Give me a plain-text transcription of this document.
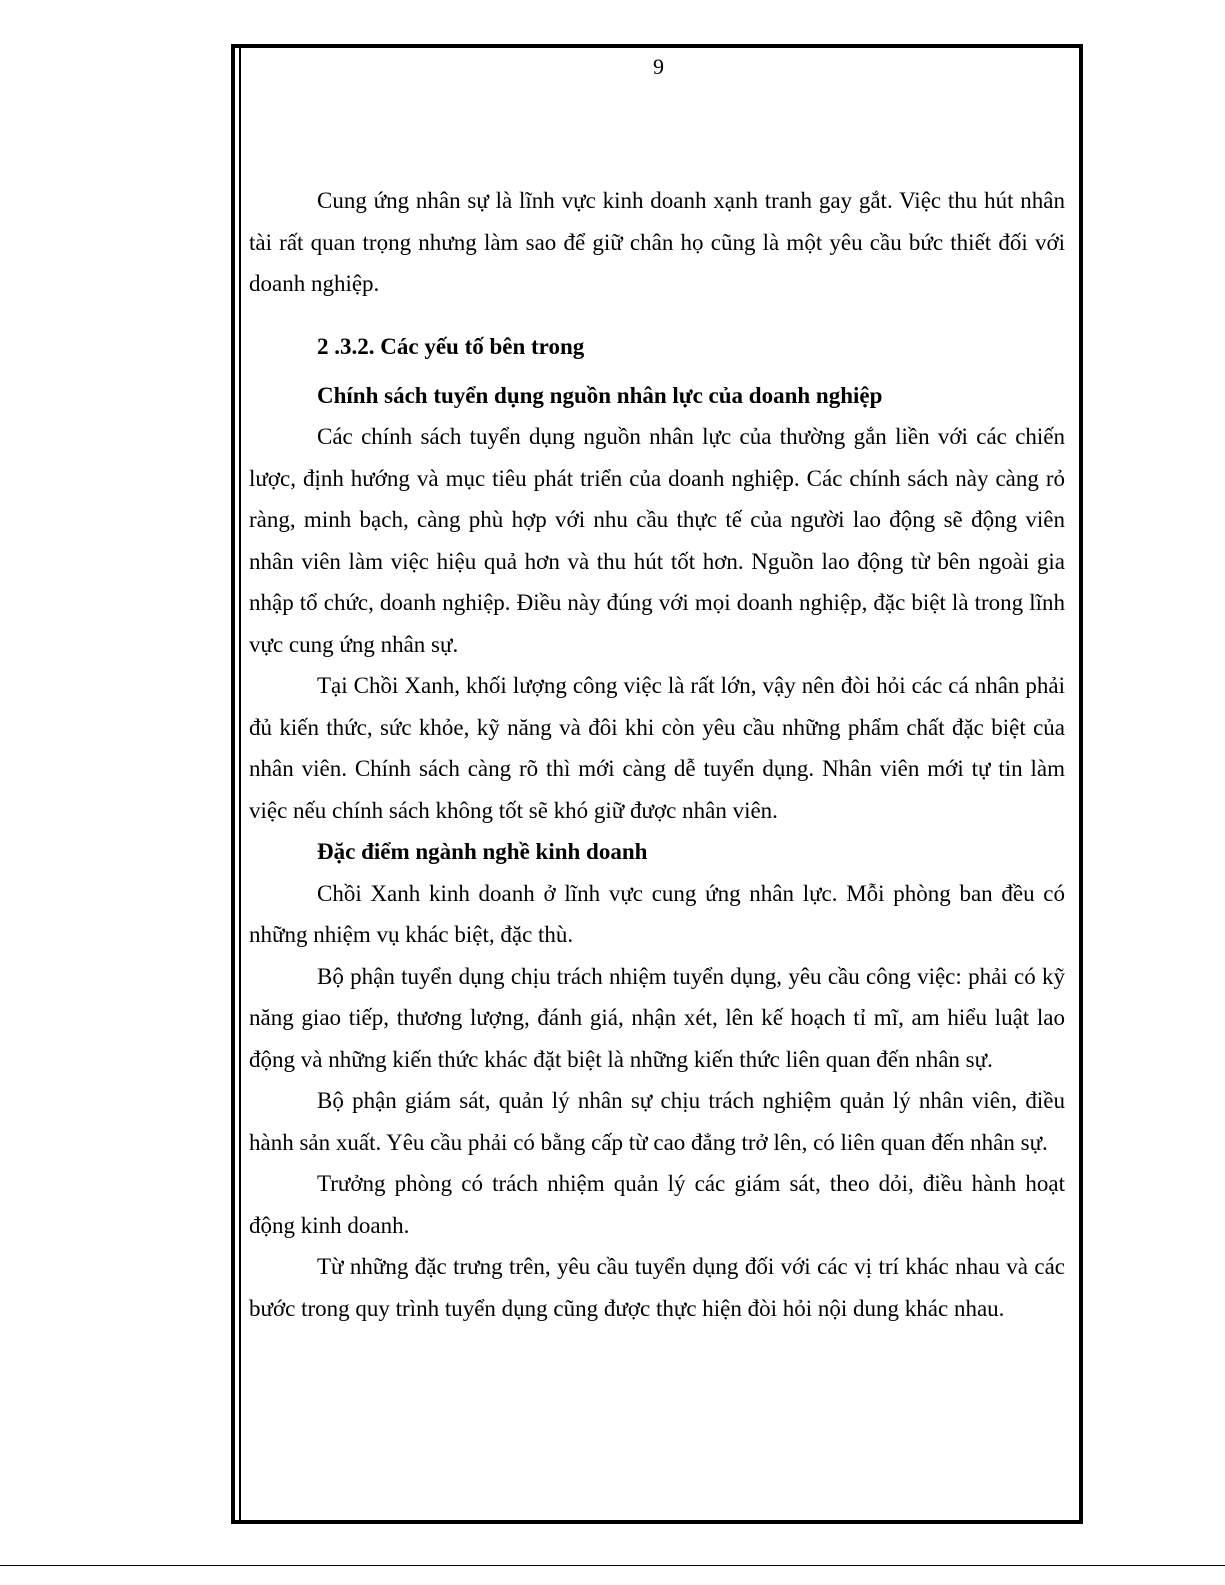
9

Cung ứng nhân sự là lĩnh vực kinh doanh xạnh tranh gay gắt. Việc thu hút nhân tài rất quan trọng nhưng làm sao để giữ chân họ cũng là một yêu cầu bức thiết đối với doanh nghiệp.

2 .3.2. Các yếu tố bên trong

Chính sách tuyển dụng nguồn nhân lực của doanh nghiệp

Các chính sách tuyển dụng nguồn nhân lực của thường gắn liền với các chiến lược, định hướng và mục tiêu phát triển của doanh nghiệp. Các chính sách này càng rỏ ràng, minh bạch, càng phù hợp với nhu cầu thực tế của người lao động sẽ động viên nhân viên làm việc hiệu quả hơn và thu hút tốt hơn. Nguồn lao động từ bên ngoài gia nhập tổ chức, doanh nghiệp. Điều này đúng với mọi doanh nghiệp, đặc biệt là trong lĩnh vực cung ứng nhân sự.

Tại Chồi Xanh, khối lượng công việc là rất lớn, vậy nên đòi hỏi các cá nhân phải đủ kiến thức, sức khỏe, kỹ năng và đôi khi còn yêu cầu những phẩm chất đặc biệt của nhân viên. Chính sách càng rõ thì mới càng dễ tuyển dụng. Nhân viên mới tự tin làm việc nếu chính sách không tốt sẽ khó giữ được nhân viên.

Đặc điểm ngành nghề kinh doanh

Chồi Xanh kinh doanh ở lĩnh vực cung ứng nhân lực. Mỗi phòng ban đều có những nhiệm vụ khác biệt, đặc thù.

Bộ phận tuyển dụng chịu trách nhiệm tuyển dụng, yêu cầu công việc: phải có kỹ năng giao tiếp, thương lượng, đánh giá, nhận xét, lên kế hoạch tỉ mĩ, am hiểu luật lao động và những kiến thức khác đặt biệt là những kiến thức liên quan đến nhân sự.

Bộ phận giám sát, quản lý nhân sự chịu trách nghiệm quản lý nhân viên, điều hành sản xuất. Yêu cầu phải có bằng cấp từ cao đẳng trở lên, có liên quan đến nhân sự.

Trưởng phòng có trách nhiệm quản lý các giám sát, theo dỏi, điều hành hoạt động kinh doanh.

Từ những đặc trưng trên, yêu cầu tuyển dụng đối với các vị trí khác nhau và các bước trong quy trình tuyển dụng cũng được thực hiện đòi hỏi nội dung khác nhau.
